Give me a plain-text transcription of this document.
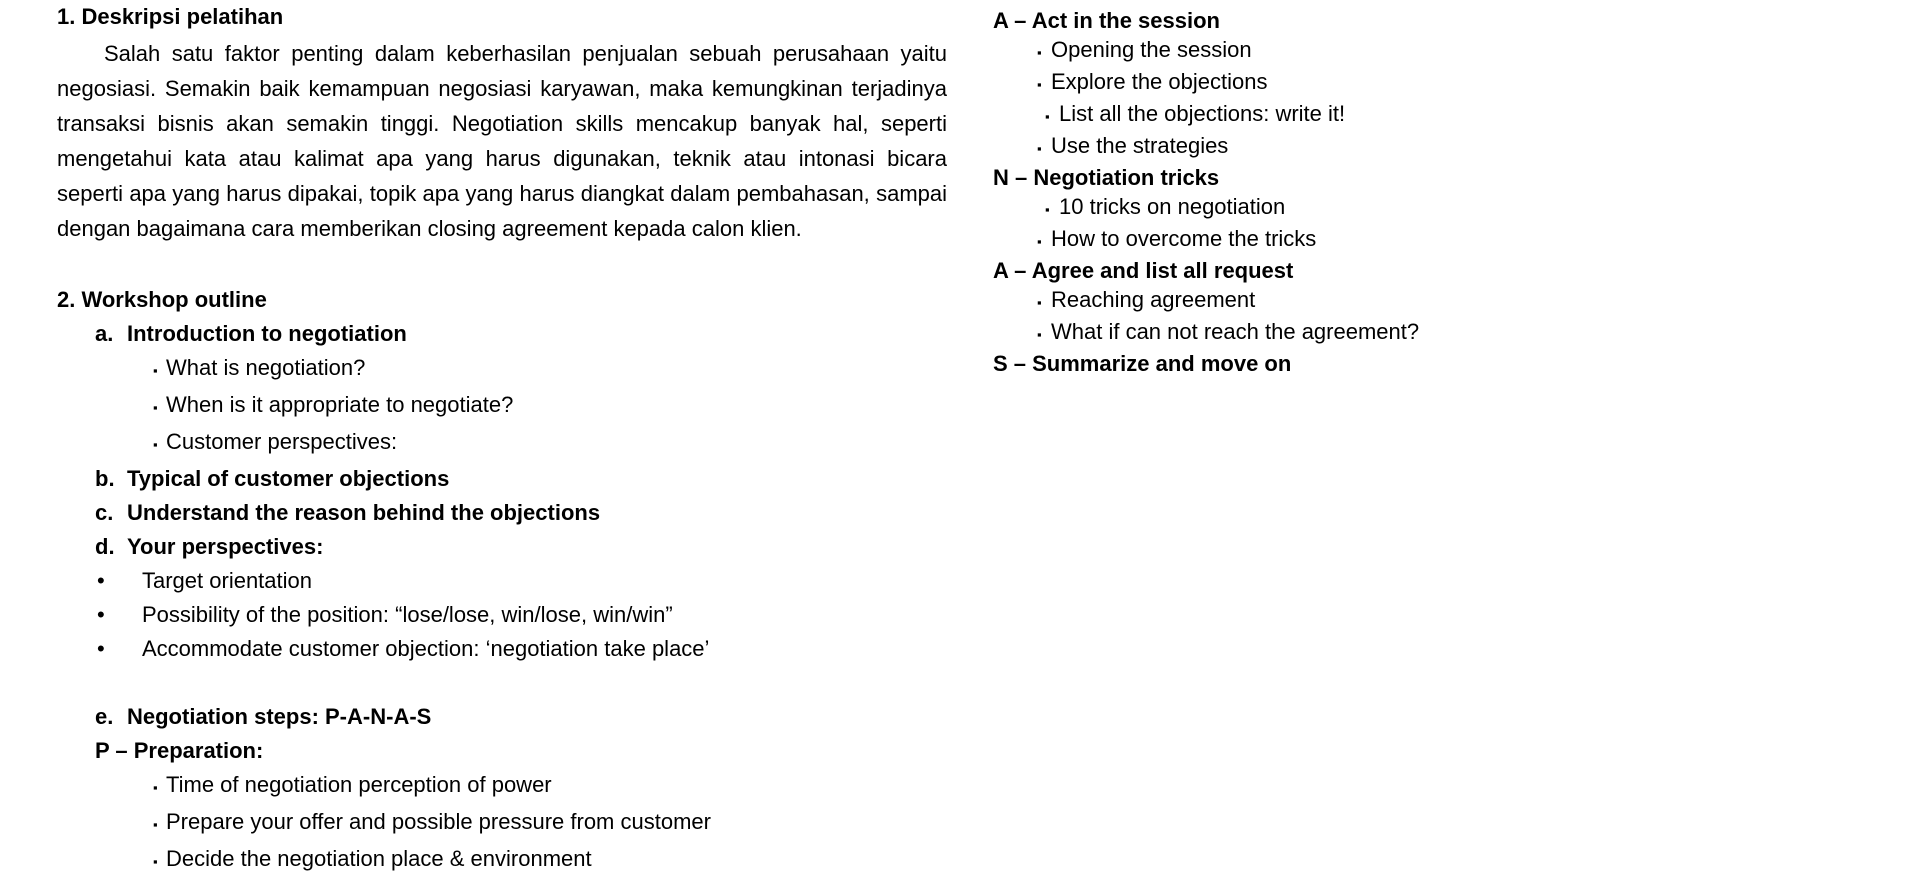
1. Deskripsi pelatihan
Salah satu faktor penting dalam keberhasilan penjualan sebuah perusahaan yaitu negosiasi. Semakin baik kemampuan negosiasi karyawan, maka kemungkinan terjadinya transaksi bisnis akan semakin tinggi. Negotiation skills mencakup banyak hal, seperti mengetahui kata atau kalimat apa yang harus digunakan, teknik atau intonasi bicara seperti apa yang harus dipakai, topik apa yang harus diangkat dalam pembahasan, sampai dengan bagaimana cara memberikan closing agreement kepada calon klien.
2. Workshop outline
a. Introduction to negotiation
▪ What is negotiation?
▪ When is it appropriate to negotiate?
▪ Customer perspectives:
b. Typical of customer objections
c. Understand the reason behind the objections
d. Your perspectives:
•	Target orientation
•	Possibility of the position: “lose/lose, win/lose, win/win”
•	Accommodate customer objection: ‘negotiation take place’
e. Negotiation steps: P-A-N-A-S
P – Preparation:
▪ Time of negotiation perception of power
▪ Prepare your offer and possible pressure from customer
▪ Decide the negotiation place & environment
A – Act in the session
▪ Opening the session
▪ Explore the objections
▪ List all the objections: write it!
▪ Use the strategies
N – Negotiation tricks
▪ 10 tricks on negotiation
▪ How to overcome the tricks
A – Agree and list all request
▪ Reaching agreement
▪ What if can not reach the agreement?
S – Summarize and move on
